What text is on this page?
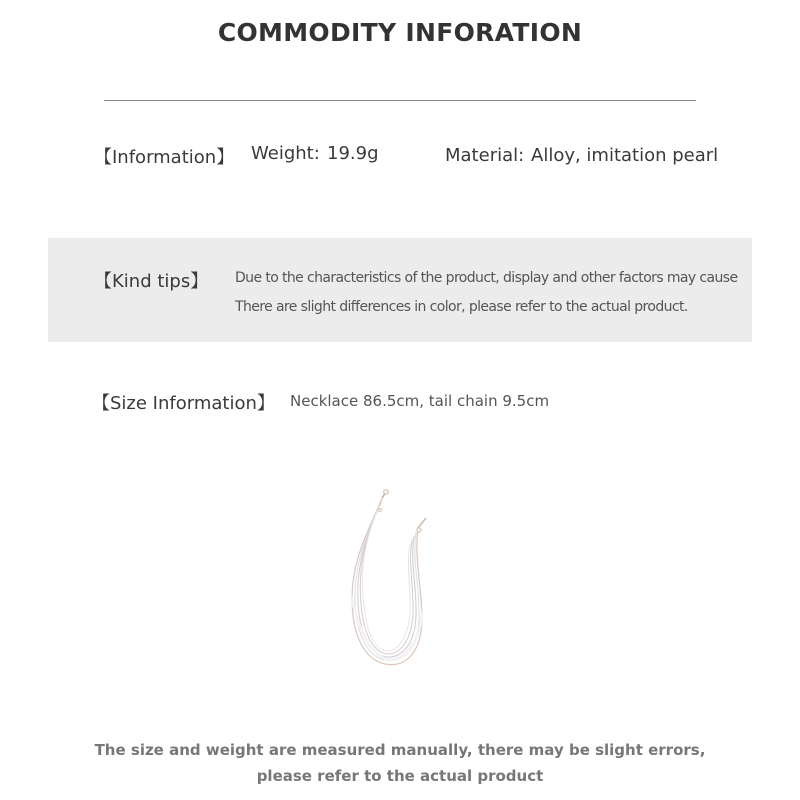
COMMODITY INFORATION
【Information】 Weight: 19.9g	Material: Alloy, imitation pearl
【Kind tips】 Due to the characteristics of the product, display and other factors may cause
There are slight differences in color, please refer to the actual product.
【Size Information】 Necklace 86.5cm, tail chain 9.5cm
The size and weight are measured manually, there may be slight errors,
please refer to the actual product
